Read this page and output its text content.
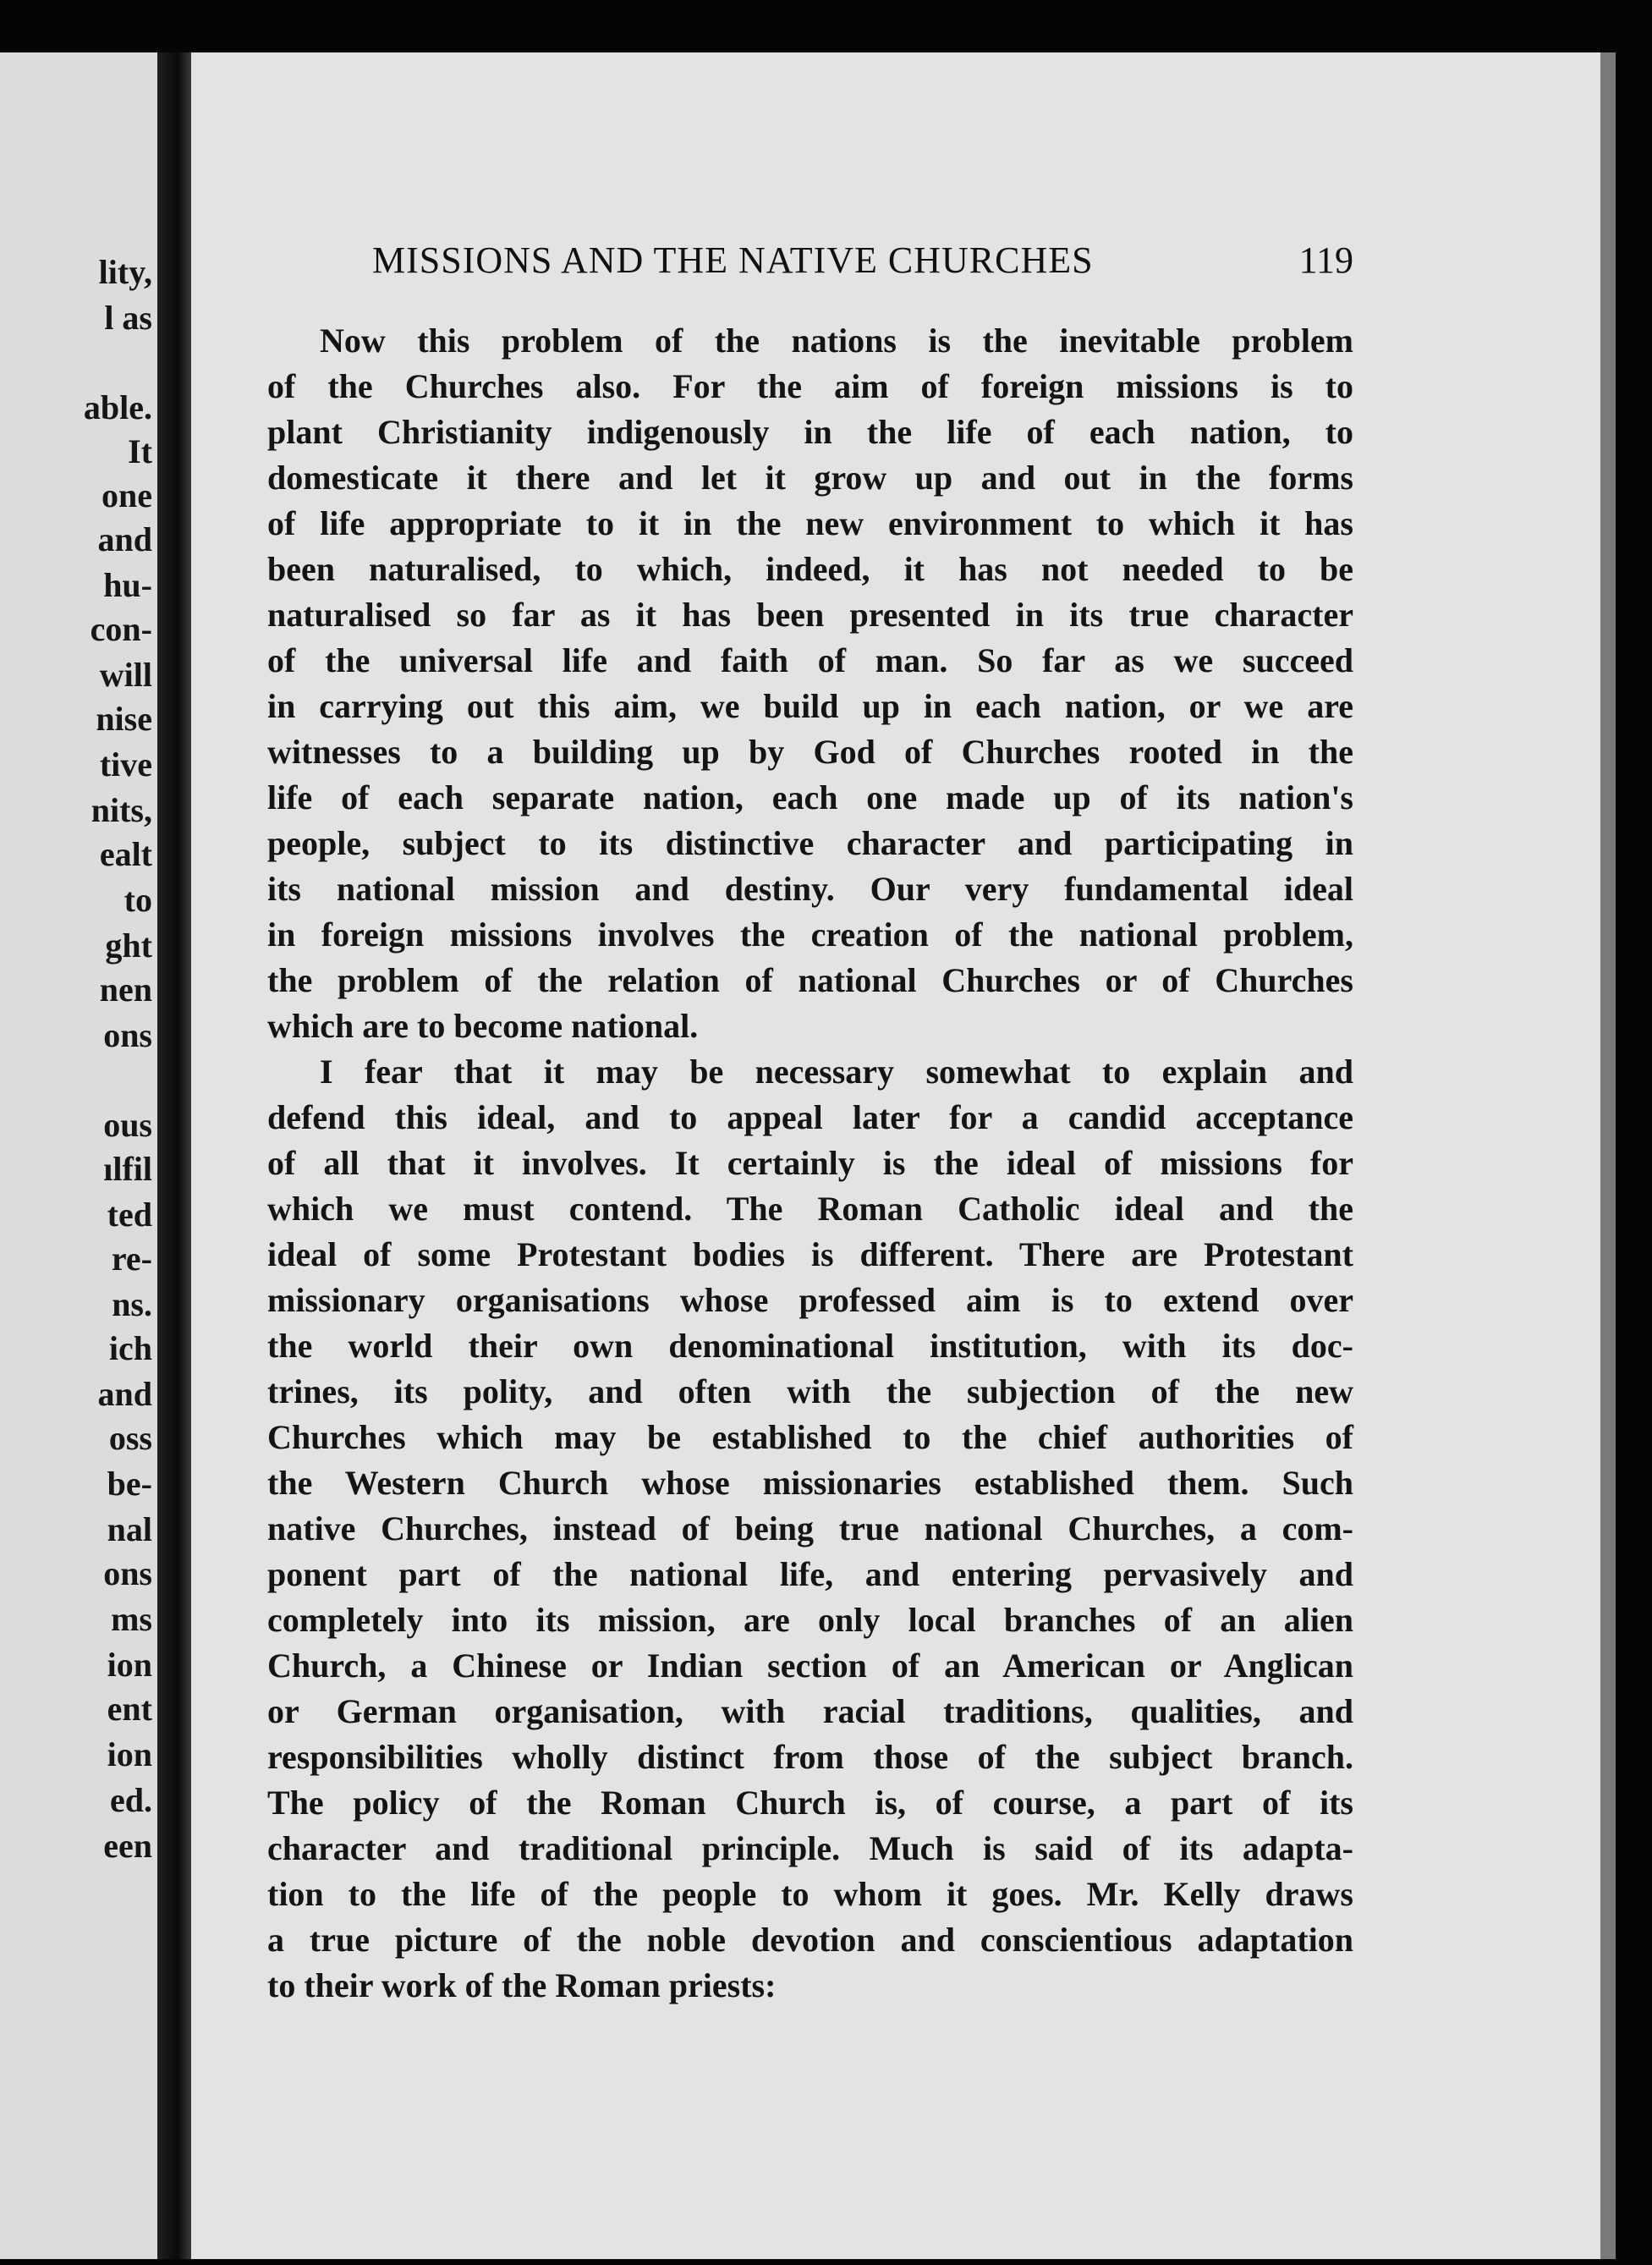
lity,
l as
able.
It
one
and
hu-
con-
will
nise
tive
nits,
ealt
to
ght
nen
ons
ous
ılfil
ted
re-
ns.
ich
and
oss
be-
nal
ons
ms
ion
ent
ion
ed.
een
MISSIONS AND THE NATIVE CHURCHES	119

Now this problem of the nations is the inevitable problem

of the Churches also. For the aim of foreign missions is to

plant Christianity indigenously in the life of each nation, to

domesticate it there and let it grow up and out in the forms

of life appropriate to it in the new environment to which it has

been naturalised, to which, indeed, it has not needed to be

naturalised so far as it has been presented in its true character

of the universal life and faith of man. So far as we succeed

in carrying out this aim, we build up in each nation, or we are

witnesses to a building up by God of Churches rooted in the

life of each separate nation, each one made up of its nation's

people, subject to its distinctive character and participating in

its national mission and destiny. Our very fundamental ideal

in foreign missions involves the creation of the national problem,

the problem of the relation of national Churches or of Churches

which are to become national.

I fear that it may be necessary somewhat to explain and

defend this ideal, and to appeal later for a candid acceptance

of all that it involves. It certainly is the ideal of missions for

which we must contend. The Roman Catholic ideal and the

ideal of some Protestant bodies is different. There are Protestant

missionary organisations whose professed aim is to extend over

the world their own denominational institution, with its doc-

trines, its polity, and often with the subjection of the new

Churches which may be established to the chief authorities of

the Western Church whose missionaries established them. Such

native Churches, instead of being true national Churches, a com-

ponent part of the national life, and entering pervasively and

completely into its mission, are only local branches of an alien

Church, a Chinese or Indian section of an American or Anglican

or German organisation, with racial traditions, qualities, and

responsibilities wholly distinct from those of the subject branch.

The policy of the Roman Church is, of course, a part of its

character and traditional principle. Much is said of its adapta-

tion to the life of the people to whom it goes. Mr. Kelly draws

a true picture of the noble devotion and conscientious adaptation

to their work of the Roman priests:
